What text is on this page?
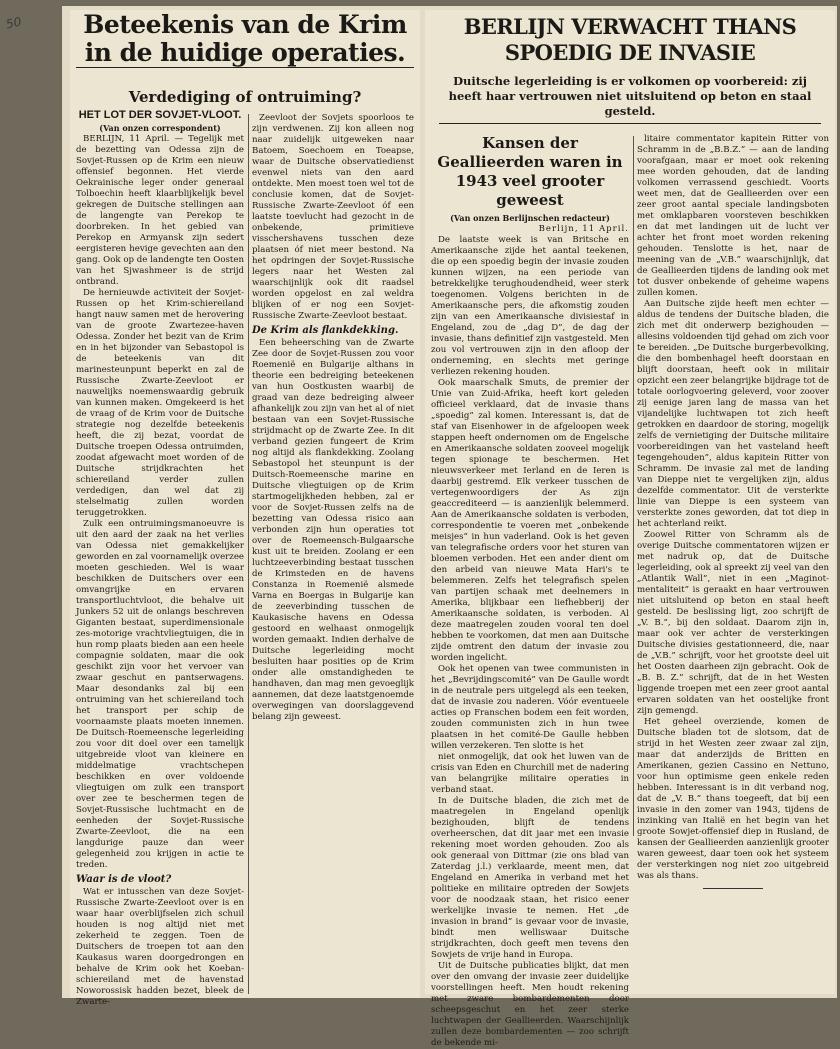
50 Beteekenis van de Krim
in de huidige operaties.
Verdediging of ontruiming?
HET LOT DER SOVJET-VLOOT.
(Van onzen correspondent)

BERLIJN, 11 April. — Tegelijk met de bezetting van Odessa zijn de Sovjet-Russen op de Krim een nieuw offensief begonnen. Het vierde Oekrainische leger onder generaal Tolboechin heeft klaarblijkelijk bevel gekregen de Duitsche stellingen aan de langengte van Perekop te doorbreken. In het gebied van Perekop en Armyansk zijn sedert eergisteren hevige gevechten aan den gang. Ook op de landengte ten Oosten van het Sjwashmeer is de strijd ontbrand.

De hernieuwde activiteit der Sovjet-Russen op het Krim-schiereiland hangt nauw samen met de herovering van de groote Zwartezee-haven Odessa. Zonder het bezit van de Krim en in het bijzonder van Sebastopol is de beteekenis van dit marinesteunpunt beperkt en zal de Russische Zwarte-Zeevloot er nauwelijks noemenswaardig gebruik van kunnen maken. Omgekeerd is het de vraag of de Krim voor de Duitsche strategie nog dezelfde beteekenis heeft, die zij bezat, voordat de Duitsche troepen Odessa ontruimden, zoodat afgewacht moet worden of de Duitsche strijdkrachten het schiereiland verder zullen verdedigen, dan wel dat zij stelselmatig zullen worden teruggetrokken.

Zulk een ontruimingsmanoeuvre is uit den aard der zaak na het verlies van Odessa niet gemakkelijker geworden en zal voornamelijk overzee moeten geschieden. Wel is waar beschikken de Duitschers over een omvangrijke en ervaren transportluchtvloot, die behalve uit Junkers 52 uit de onlangs beschreven Giganten bestaat, superdimensionale zes-motorige vrachtvliegtuigen, die in hun romp plaats bieden aan een heele compagnie soldaten, maar die ook geschikt zijn voor het vervoer van zwaar geschut en pantserwagens. Maar desondanks zal bij een ontruiming van het schiereiland toch het transport per schip de voornaamste plaats moeten innemen. De Duitsch-Roemeensche legerleiding zou voor dit doel over een tamelijk uitgebreide vloot van kleinere en middelmatige vrachtschepen beschikken en over voldoende vliegtuigen om zulk een transport over zee te beschermen tegen de Sovjet-Russische luchtmacht en de eenheden der Sovjet-Russische Zwarte-Zeevloot, die na een langdurige pauze dan weer gelegenheid zou krijgen in actie te treden.

Waar is de vloot?

Wat er intusschen van deze Sovjet-Russische Zwarte-Zeevloot over is en waar haar overblijfselen zich schuil houden is nog altijd niet met zekerheid te zeggen. Toen de Duitschers de troepen tot aan den Kaukasus waren doorgedrongen en behalve de Krim ook het Koeban-schiereiland met de havenstad Noworossisk hadden bezet, bleek de Zwarte-

Zeevloot der Sovjets spoorloos te zijn verdwenen. Zij kon alleen nog naar zuidelijk uitgeweken naar Batoem, Soechoem en Toeapse, waar de Duitsche observatiedienst evenwel niets van den aard ontdekte. Men moest toen wel tot de conclusie komen, dat de Sovjet-Russische Zwarte-Zeevloot óf een laatste toevlucht had gezocht in de onbekende, primitieve visschershavens tusschen deze plaatsen óf niet meer bestond. Na het opdringen der Sovjet-Russische legers naar het Westen zal waarschijnlijk ook dit raadsel worden opgelost en zal weldra blijken of er nog een Sovjet-Russische Zwarte-Zeevloot bestaat.

De Krim als flankdekking.

Een beheersching van de Zwarte Zee door de Sovjet-Russen zou voor Roemenië en Bulgarije althans in theorie een bedreiging beteekenen van hun Oostkusten waarbij de graad van deze bedreiging alweer afhankelijk zou zijn van het al of niet bestaan van een Sovjet-Russische strijdmacht op de Zwarte Zee. In dit verband gezien fungeert de Krim nog altijd als flankdekking. Zoolang Sebastopol het steunpunt is der Duitsch-Roemeensche marine en Duitsche vliegtuigen op de Krim startmogelijkheden hebben, zal er voor de Sovjet-Russen zelfs na de bezetting van Odessa risico aan verbonden zijn hun operaties tot over de Roemeensch-Bulgaarsche kust uit te breiden. Zoolang er een luchtzeeverbinding bestaat tusschen de Krimsteden en de havens Constanza in Roemenië alsmede Varna en Boergas in Bulgarije kan de zeeverbinding tusschen de Kaukasische havens en Odessa gestoord en welhaast onmogelijk worden gemaakt. Indien derhalve de Duitsche legerleiding mocht besluiten haar posities op de Krim onder alle omstandigheden te handhaven, dan mag men gevoeglijk aannemen, dat deze laatstgenoemde overwegingen van doorslaggevend belang zijn geweest.

BERLIJN VERWACHT THANS
SPOEDIG DE INVASIE
Duitsche legerleiding is er volkomen op voorbereid: zij heeft haar vertrouwen niet uitsluitend op beton en staal gesteld.
Kansen der Geallieerden waren in 1943 veel grooter geweest
(Van onzen Berlijnschen redacteur)
Berlijn, 11 April.

De laatste week is van Britsche en Amerikaansche zijde het aantal teekenen, die op een spoedig begin der invasie zouden kunnen wijzen, na een periode van betrekkelijke terughoudendheid, weer sterk toegenomen. Volgens berichten in de Amerikaansche pers, die afkomstig zouden zijn van een Amerikaansche divisiestaf in Engeland, zou de „dag D”, de dag der invasie, thans definitief zijn vastgesteld. Men zou vol vertrouwen zijn in den afloop der onderneming, en slechts met geringe verliezen rekening houden.

Ook maarschalk Smuts, de premier der Unie van Zuid-Afrika, heeft kort geleden officieel verklaard, dat de invasie thans „spoedig” zal komen. Interessant is, dat de staf van Eisenhower in de afgeloopen week stappen heeft ondernomen om de Engelsche en Amerikaansche soldaten zooveel mogelijk tegen spionage te beschermen. Het nieuwsverkeer met Ierland en de Ieren is daarbij gestremd. Elk verkeer tusschen de vertegenwoordigers der As zijn geaccrediteerd — is aanzienlijk belemmerd. Aan de Amerikaansche soldaten is verboden, correspondentie te voeren met „onbekende meisjes” in hun vaderland. Ook is het geven van telegrafische orders voor het sturen van bloemen verboden. Het een ander dient om den arbeid van nieuwe Mata Hari's te belemmeren. Zelfs het telegrafisch spelen van partijen schaak met deelnemers in Amerika, blijkbaar een liefhebberij der Amerikaansche soldaten, is verboden. Al deze maatregelen zouden vooral ten doel hebben te voorkomen, dat men aan Duitsche zijde omtrent den datum der invasie zou worden ingelicht.

Ook het openen van twee communisten in het „Bevrijdingscomité” van De Gaulle wordt in de neutrale pers uitgelegd als een teeken, dat de invasie zou naderen. Vóór eventueele acties op Franschen bodem een feit worden, zouden communisten zich in hun twee plaatsen in het comité-De Gaulle hebben willen verzekeren. Ten slotte is het

niet onmogelijk, dat ook het luwen van de crisis van Eden en Churchill met de nadering van belangrijke militaire operaties in verband staat.

In de Duitsche bladen, die zich met de maatregelen in Engeland openlijk bezighouden, blijft de tendens overheerschen, dat dit jaar met een invasie rekening moet worden gehouden. Zoo als ook generaal von Dittmar (zie ons blad van Zaterdag j.l.) verklaarde, meent men, dat Engeland en Amerika in verband met het politieke en militaire optreden der Sowjets voor de noodzaak staan, het risico eener werkelijke invasie te nemen. Het „de invasion in brand” is gevaar voor de invasie, bindt men welliswaar Duitsche strijdkrachten, doch geeft men tevens den Sowjets de vrije hand in Europa.

Uit de Duitsche publicaties blijkt, dat men over den omvang der invasie zeer duidelijke voorstellingen heeft. Men houdt rekening met zware bombardementen door scheepsgeschut en het zeer sterke luchtwapen der Geallieerden. Waarschijnlijk zullen deze bombardementen — zoo schrijft de bekende mi-

litaire commentator kapitein Ritter von Schramm in de „B.B.Z.” — aan de landing voorafgaan, maar er moet ook rekening mee worden gehouden, dat de landing volkomen verrassend geschiedt. Voorts weet men, dat de Geallieerden over een zeer groot aantal speciale landingsboten met omklapbaren voorsteven beschikken en dat met landingen uit de lucht ver achter het front moet worden rekening gehouden. Tenslotte is het, naar de meening van de „V.B.” waarschijnlijk, dat de Geallieerden tijdens de landing ook met tot dusver onbekende of geheime wapens zullen komen.

Aan Duitsche zijde heeft men echter — aldus de tendens der Duitsche bladen, die zich met dit onderwerp bezighouden — allesins voldoenden tijd gehad om zich voor te bereiden. „De Duitsche burgerbevolking, die den bombenhagel heeft doorstaan en blijft doorstaan, heeft ook in militair opzicht een zeer belangrijke bijdrage tot de totale oorlogvoering geleverd, voor zoover zij eenige jaren lang de massa van het vijandelijke luchtwapen tot zich heeft getrokken en daardoor de storing, mogelijk zelfs de vernietiging der Duitsche militaire voorbereidingen van het vasteland heeft tegengehouden”, aldus kapitein Ritter von Schramm. De invasie zal met de landing van Dieppe niet te vergelijken zijn, aldus dezelfde commentator. Uit de versterkte linie van Dieppe is een systeem van versterkte zones geworden, dat tot diep in het achterland reikt.

Zoowel Ritter von Schramm als de overige Duitsche commentatoren wijzen er met nadruk op, dat de Duitsche legerleiding, ook al spreekt zij veel van den „Atlantik Wall”, niet in een „Maginot-mentaliteit” is geraakt en haar vertrouwen niet uitsluitend op beton en staal heeft gesteld. De beslissing ligt, zoo schrijft de „V. B.”, bij den soldaat. Daarom zijn in, maar ook ver achter de versterkingen Duitsche divisies gestationneerd, die, naar de „V.B.” schrijft, voor het grootste deel uit het Oosten daarheen zijn gebracht. Ook de „B. B. Z.” schrijft, dat de in het Westen liggende troepen met een zeer groot aantal ervaren soldaten van het oostelijke front zijn gemengd.

Het geheel overziende, komen de Duitsche bladen tot de slotsom, dat de strijd in het Westen zeer zwaar zal zijn, maar dat anderzijds de Britten en Amerikanen, gezien Cassino en Nettuno, voor hun optimisme geen enkele reden hebben. Interessant is in dit verband nog, dat de „V. B.” thans toegeeft, dat bij een invasie in den zomer van 1943, tijdens de inzinking van Italië en het begin van het groote Sowjet-offensief diep in Rusland, de kansen der Geallieerden aanzienlijk grooter waren geweest, daar toen ook het systeem der versterkingen nog niet zoo uitgebreid was als thans.
